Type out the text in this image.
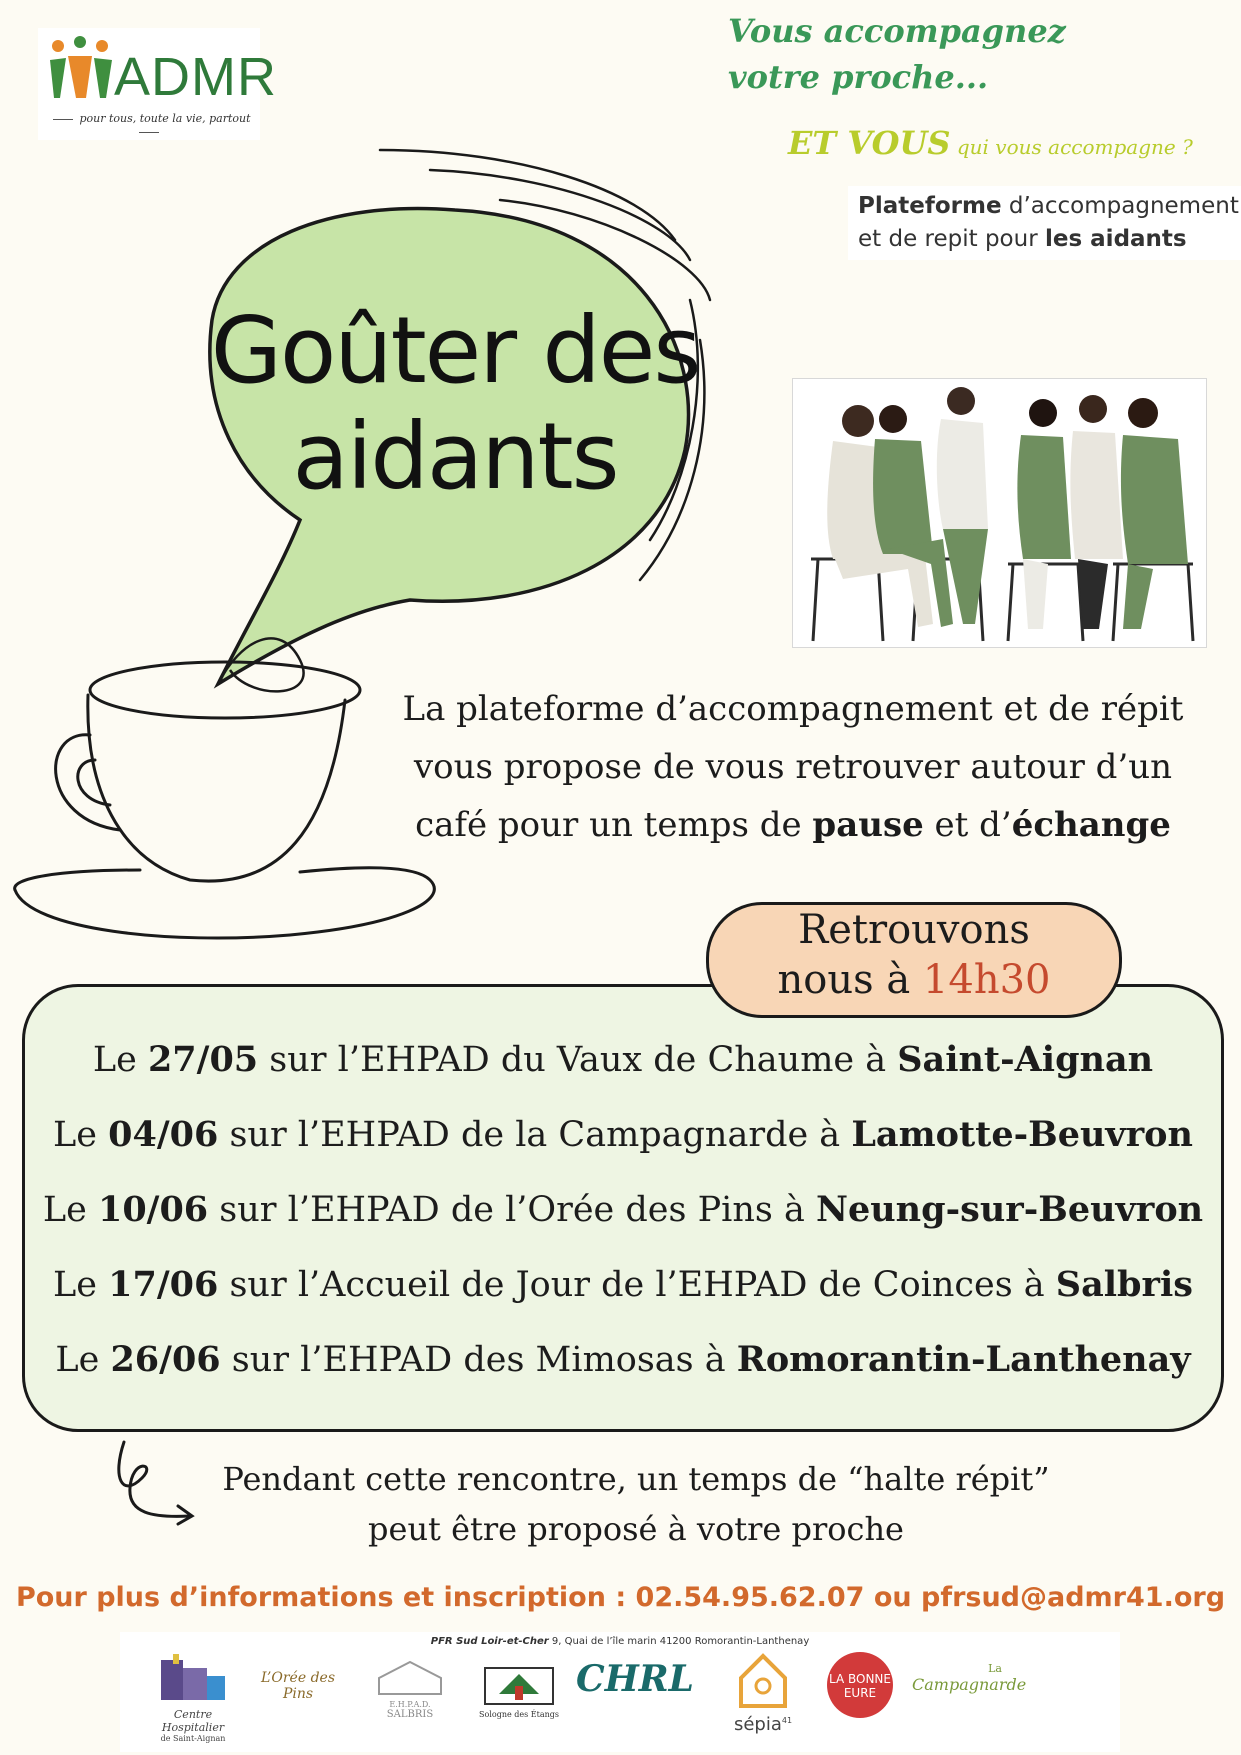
ADMR
pour tous, toute la vie, partout
Vous accompagnez
votre proche...
ET VOUS qui vous accompagne ?
Plateforme d’accompagnement
et de repit pour les aidants
Goûter des
aidants
La plateforme d’accompagnement et de répit
vous propose de vous retrouver autour d’un
café pour un temps de pause et d’échange
Le 27/05 sur l’EHPAD du Vaux de Chaume à Saint-Aignan
Le 04/06 sur l’EHPAD de la Campagnarde à Lamotte-Beuvron
Le 10/06 sur l’EHPAD de l’Orée des Pins à Neung-sur-Beuvron
Le 17/06 sur l’Accueil de Jour de l’EHPAD de Coinces à Salbris
Le 26/06 sur l’EHPAD des Mimosas à Romorantin-Lanthenay
Retrouvons
nous à 14h30
Pendant cette rencontre, un temps de “halte répit”
peut être proposé à votre proche
Pour plus d’informations et inscription : 02.54.95.62.07 ou pfrsud@admr41.org
PFR Sud Loir-et-Cher 9, Quai de l’île marin 41200 Romorantin-Lanthenay
Centre Hospitalier
de Saint-Aignan
L’Orée des Pins
E.H.P.A.D.
SALBRIS	Sologne des Étangs
CHRL
sépia$^{41}$
LA BONNE EURE
La
Campagnarde
